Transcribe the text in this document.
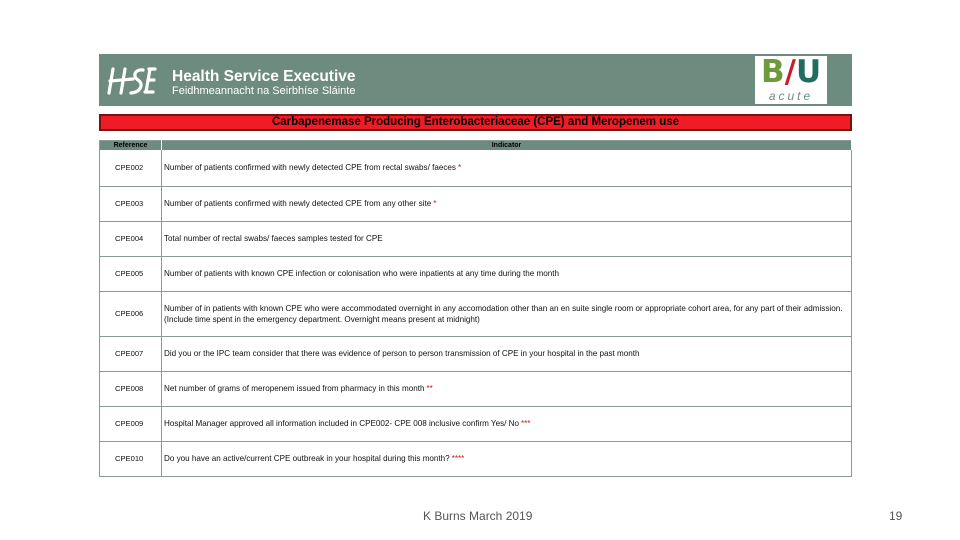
Health Service Executive
Feidhmeannacht na Seirbhíse Sláinte
B/U
acute
Carbapenemase Producing Enterobacteriaceae (CPE) and Meropenem use
Reference	Indicator
CPE002	Number of patients confirmed with newly detected CPE from rectal swabs/ faeces *
CPE003	Number of patients confirmed with newly detected CPE from any other site *
CPE004	Total number of rectal swabs/ faeces samples tested for CPE
CPE005	Number of patients with known CPE infection or colonisation who were inpatients at any time during the month
CPE006	Number of in patients with known CPE who were accommodated overnight in any accomodation other than an en suite single room or appropriate cohort area, for any part of their admission. (Include time spent in the emergency department. Overnight means present at midnight)
CPE007	Did you or the IPC team consider that there was evidence of person to person transmission of CPE in your hospital in the past month
CPE008	Net number of grams of meropenem issued from pharmacy in this month **
CPE009	Hospital Manager approved all information included in CPE002- CPE 008 inclusive confirm Yes/ No ***
CPE010	Do you have an active/current CPE outbreak in your hospital during this month? ****
K Burns March 2019	19
